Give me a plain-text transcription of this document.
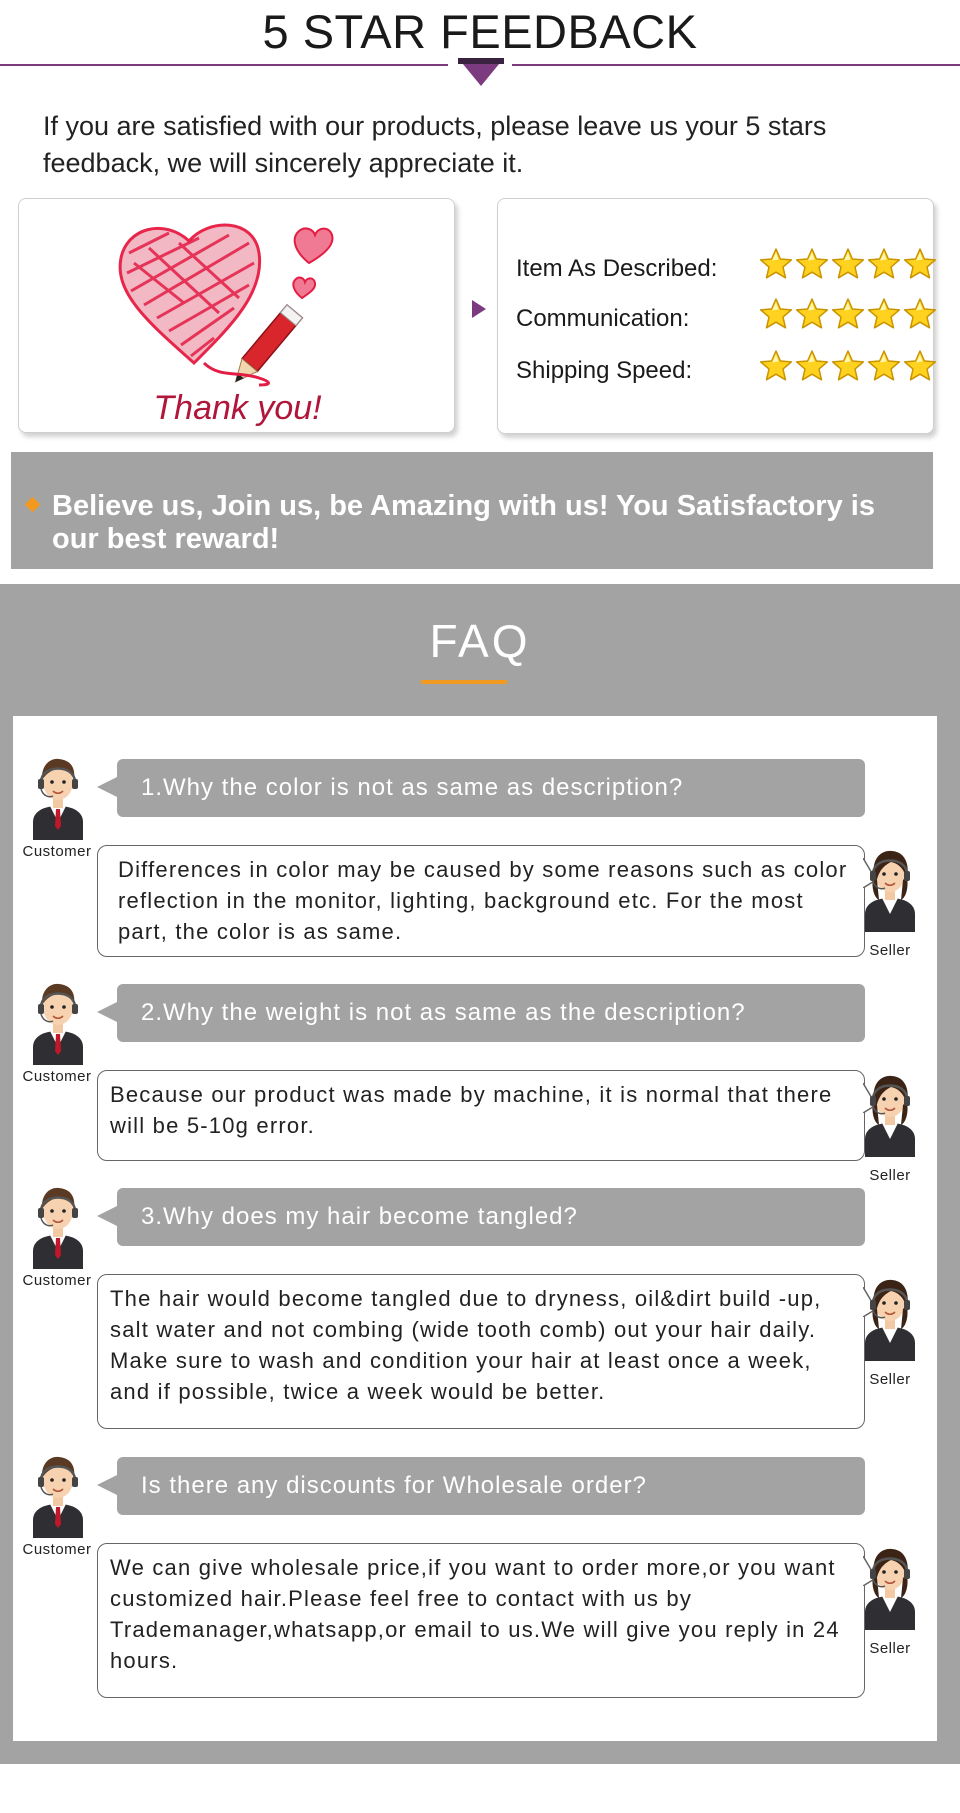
5 STAR FEEDBACK
If you are satisfied with our products, please leave us your 5 stars feedback, we will sincerely appreciate it.
Thank you!
Item As Described:
Communication:
Shipping Speed:
Believe us, Join us, be Amazing with us! You Satisfactory is our best reward!
FAQ
Customer
1.Why the color is not as same as description?
Differences in color may be caused by some reasons such as color reflection in the monitor, lighting, background etc. For the most part, the color is as same.
Seller
Customer
2.Why the weight is not as same as the description?
Because our product was made by machine, it is normal that there will be 5-10g error.
Seller
Customer
3.Why does my hair become tangled?
The hair would become tangled due to dryness, oil&dirt build -up, salt water and not combing (wide tooth comb) out your hair daily. Make sure to wash and condition your hair at least once a week, and if possible, twice a week would be better.	Seller
Customer
Is there any discounts for Wholesale order?
We can give wholesale price,if you want to order more,or you want customized hair.Please feel free to contact with us by Trademanager,whatsapp,or email to us.We will give you reply in 24 hours.	Seller
